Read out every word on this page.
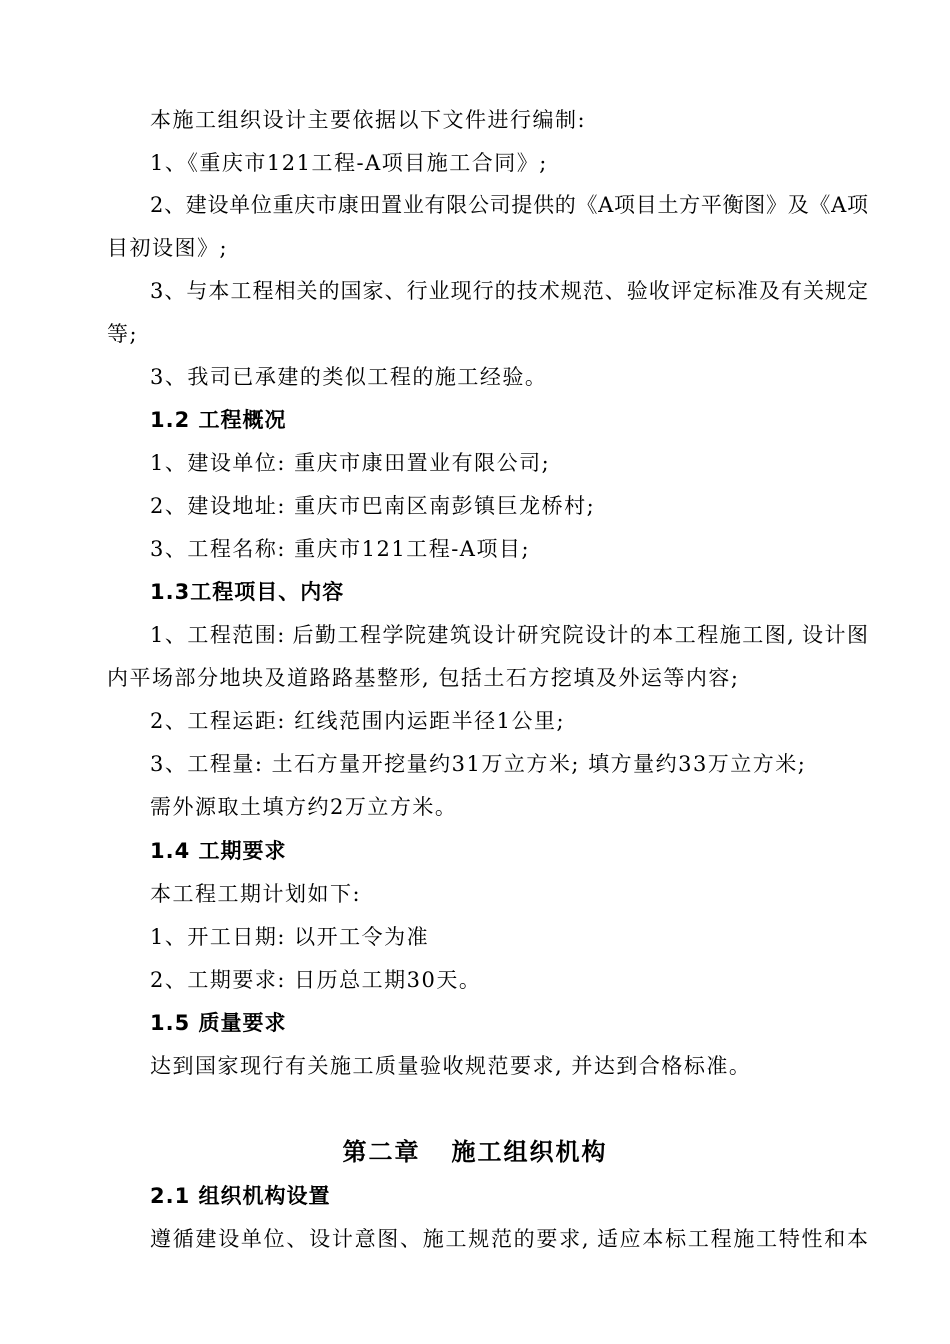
本施工组织设计主要依据以下文件进行编制:
1、《重庆市121工程-A项目施工合同》;
2、建设单位重庆市康田置业有限公司提供的《A项目土方平衡图》及《A项
目初设图》;
3、与本工程相关的国家、行业现行的技术规范、验收评定标准及有关规定
等;
3、我司已承建的类似工程的施工经验。
1.2 工程概况
1、建设单位: 重庆市康田置业有限公司;
2、建设地址: 重庆市巴南区南彭镇巨龙桥村;
3、工程名称: 重庆市121工程-A项目;
1.3工程项目、内容
1、工程范围: 后勤工程学院建筑设计研究院设计的本工程施工图, 设计图
内平场部分地块及道路路基整形, 包括土石方挖填及外运等内容;
2、工程运距: 红线范围内运距半径1公里;
3、工程量: 土石方量开挖量约31万立方米; 填方量约33万立方米;
需外源取土填方约2万立方米。
1.4 工期要求
本工程工期计划如下:
1、开工日期: 以开工令为准
2、工期要求: 日历总工期30天。
1.5 质量要求
达到国家现行有关施工质量验收规范要求, 并达到合格标准。
第二章   施工组织机构
2.1 组织机构设置
遵循建设单位、设计意图、施工规范的要求, 适应本标工程施工特性和本
